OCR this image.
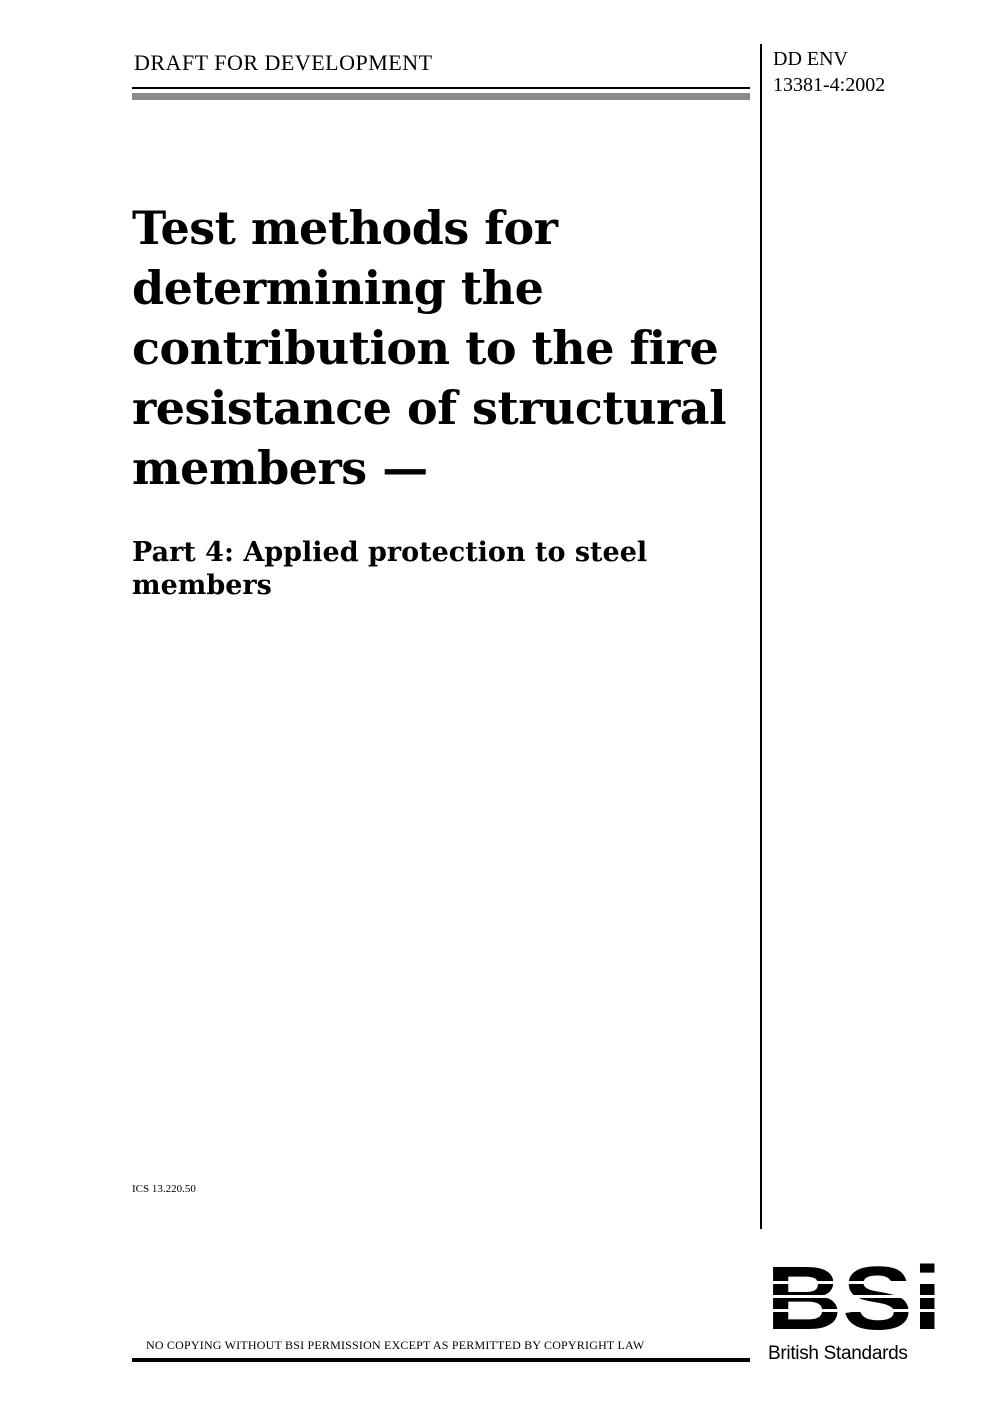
DRAFT FOR DEVELOPMENT	DD ENV
13381-4:2002
Test methods for
determining the
contribution to the fire
resistance of structural
members —
Part 4: Applied protection to steel
members
ICS 13.220.50
NO COPYING WITHOUT BSI PERMISSION EXCEPT AS PERMITTED BY COPYRIGHT LAW	British Standards
